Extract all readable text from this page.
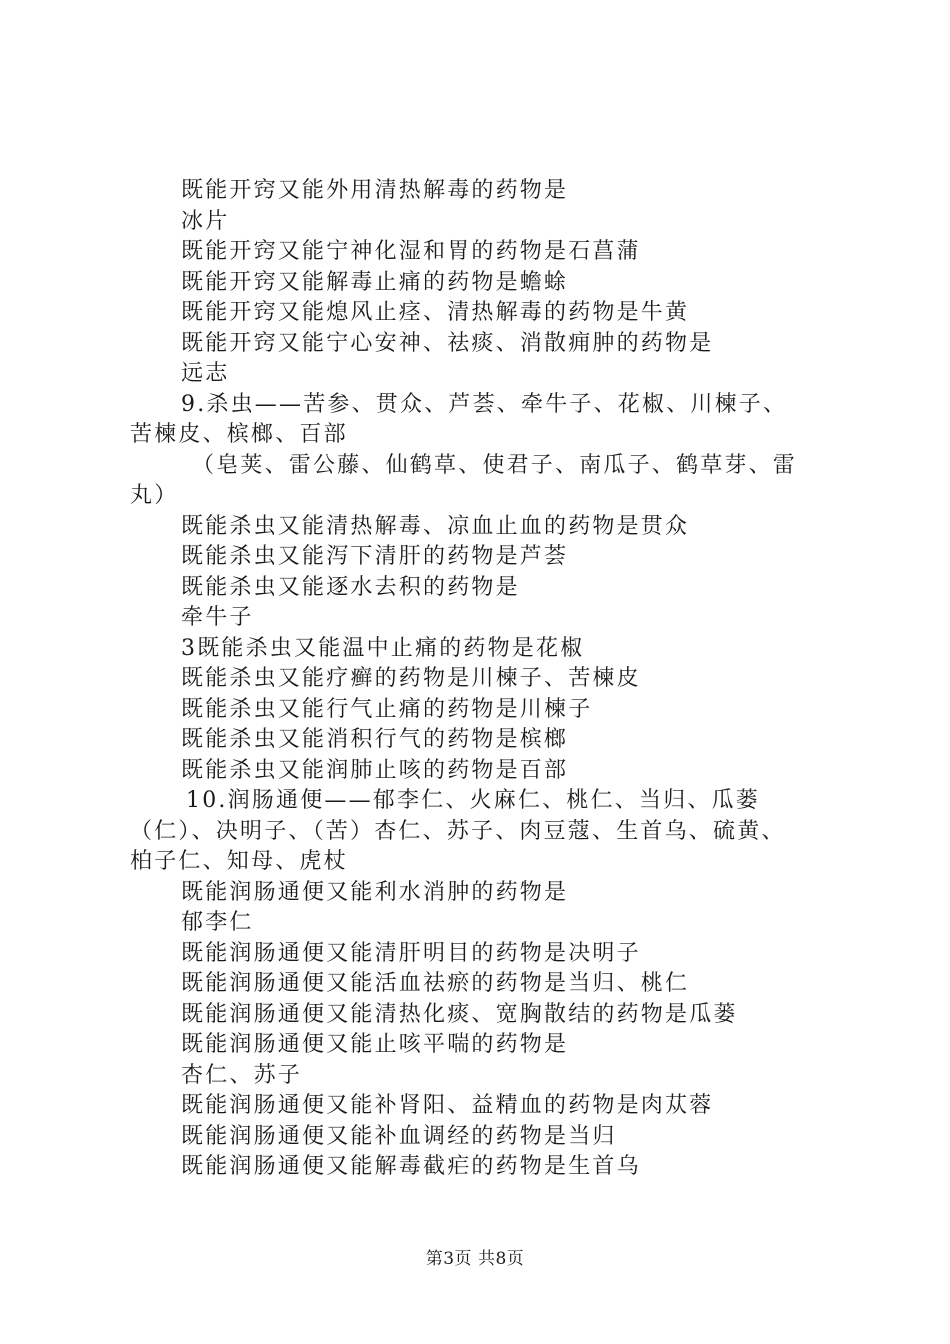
既能开窍又能外用清热解毒的药物是
冰片
既能开窍又能宁神化湿和胃的药物是石菖蒲
既能开窍又能解毒止痛的药物是蟾蜍
既能开窍又能熄风止痉、清热解毒的药物是牛黄
既能开窍又能宁心安神、祛痰、消散痈肿的药物是
远志
9.杀虫——苦参、贯众、芦荟、牵牛子、花椒、川楝子、
苦楝皮、槟榔、百部
（皂荚、雷公藤、仙鹤草、使君子、南瓜子、鹤草芽、雷
丸）
既能杀虫又能清热解毒、凉血止血的药物是贯众
既能杀虫又能泻下清肝的药物是芦荟
既能杀虫又能逐水去积的药物是
牵牛子
3既能杀虫又能温中止痛的药物是花椒
既能杀虫又能疗癣的药物是川楝子、苦楝皮
既能杀虫又能行气止痛的药物是川楝子
既能杀虫又能消积行气的药物是槟榔
既能杀虫又能润肺止咳的药物是百部
10.润肠通便——郁李仁、火麻仁、桃仁、当归、瓜蒌
（仁）、决明子、（苦）杏仁、苏子、肉豆蔻、生首乌、硫黄、
柏子仁、知母、虎杖
既能润肠通便又能利水消肿的药物是
郁李仁
既能润肠通便又能清肝明目的药物是决明子
既能润肠通便又能活血祛瘀的药物是当归、桃仁
既能润肠通便又能清热化痰、宽胸散结的药物是瓜蒌
既能润肠通便又能止咳平喘的药物是
杏仁、苏子
既能润肠通便又能补肾阳、益精血的药物是肉苁蓉
既能润肠通便又能补血调经的药物是当归
既能润肠通便又能解毒截疟的药物是生首乌
第3页 共8页
